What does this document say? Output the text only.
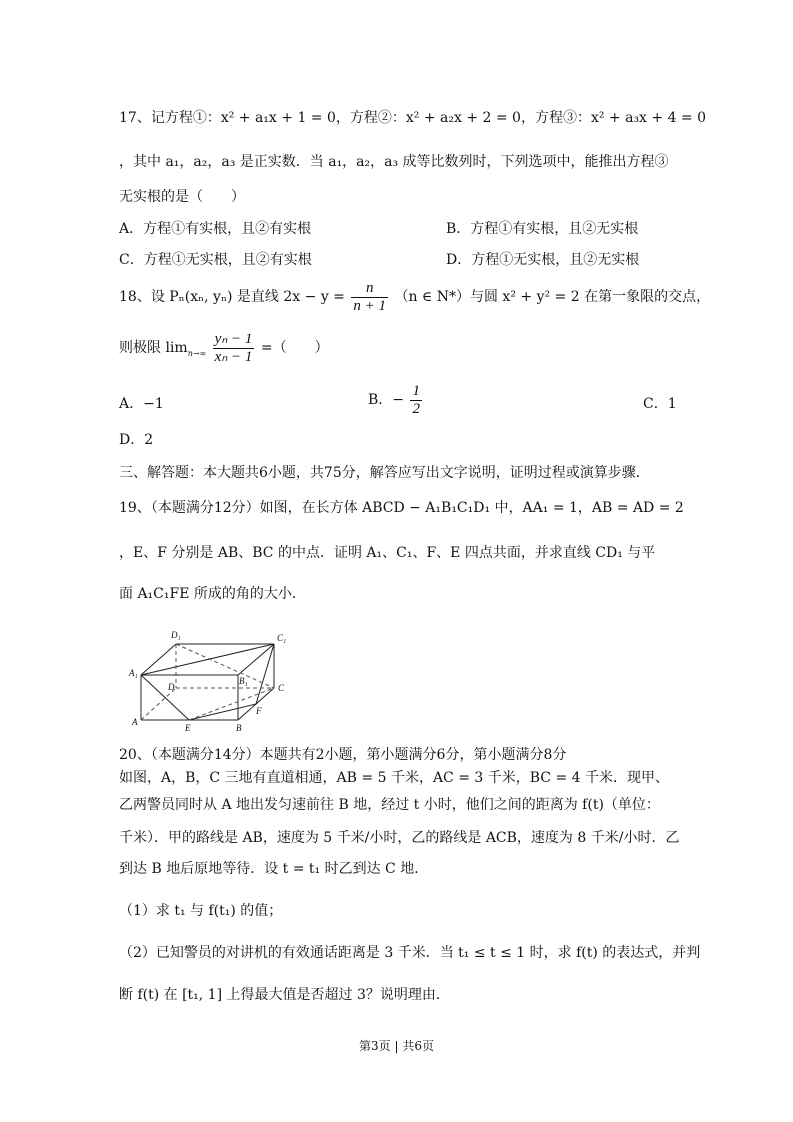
17、记方程①：x² + a₁x + 1 = 0，方程②：x² + a₂x + 2 = 0，方程③：x² + a₃x + 4 = 0
，其中 a₁，a₂，a₃ 是正实数．当 a₁，a₂，a₃ 成等比数列时，下列选项中，能推出方程③
无实根的是（　　）
A．方程①有实根，且②有实根	B．方程①有实根，且②无实根
C．方程①无实根，且②有实根	D．方程①无实根，且②无实根
18、设 Pₙ(xₙ, yₙ) 是直线 $2x - y = \frac{n}{n + 1} (n$ ∈ N*）与圆 x² + y² = 2 在第一象限的交点，
则极限 $\lim_{n\to\infty} \frac{\text{yₙ − 1}}{\text{xₙ − 1}}$ =（　　）
A．−1	B．− $\frac{1}{2}$	C．1
D．2
三、解答题：本大题共6小题，共75分，解答应写出文字说明，证明过程或演算步骤．
19、（本题满分12分）如图，在长方体 ABCD − A₁B₁C₁D₁ 中，AA₁ = 1，AB = AD = 2
，E、F 分别是 AB、BC 的中点．证明 A₁、C₁、F、E 四点共面，并求直线 CD₁ 与平
面 A₁C₁FE 所成的角的大小．
D₁	C₁
A₁
B₁
D	C
A
B
E
F
20、（本题满分14分）本题共有2小题，第小题满分6分，第小题满分8分
如图，A，B，C 三地有直道相通，AB = 5 千米，AC = 3 千米，BC = 4 千米．现甲、
乙两警员同时从 A 地出发匀速前往 B 地，经过 t 小时，他们之间的距离为 f(t)（单位：
千米）．甲的路线是 AB，速度为 5 千米/小时，乙的路线是 ACB，速度为 8 千米/小时．乙
到达 B 地后原地等待．设 t = t₁ 时乙到达 C 地．
（1）求 t₁ 与 f(t₁) 的值；
（2）已知警员的对讲机的有效通话距离是 3 千米．当 t₁ ≤ t ≤ 1 时，求 f(t) 的表达式，并判
断 f(t) 在 [t₁, 1] 上得最大值是否超过 3？说明理由．
第3页 | 共6页
